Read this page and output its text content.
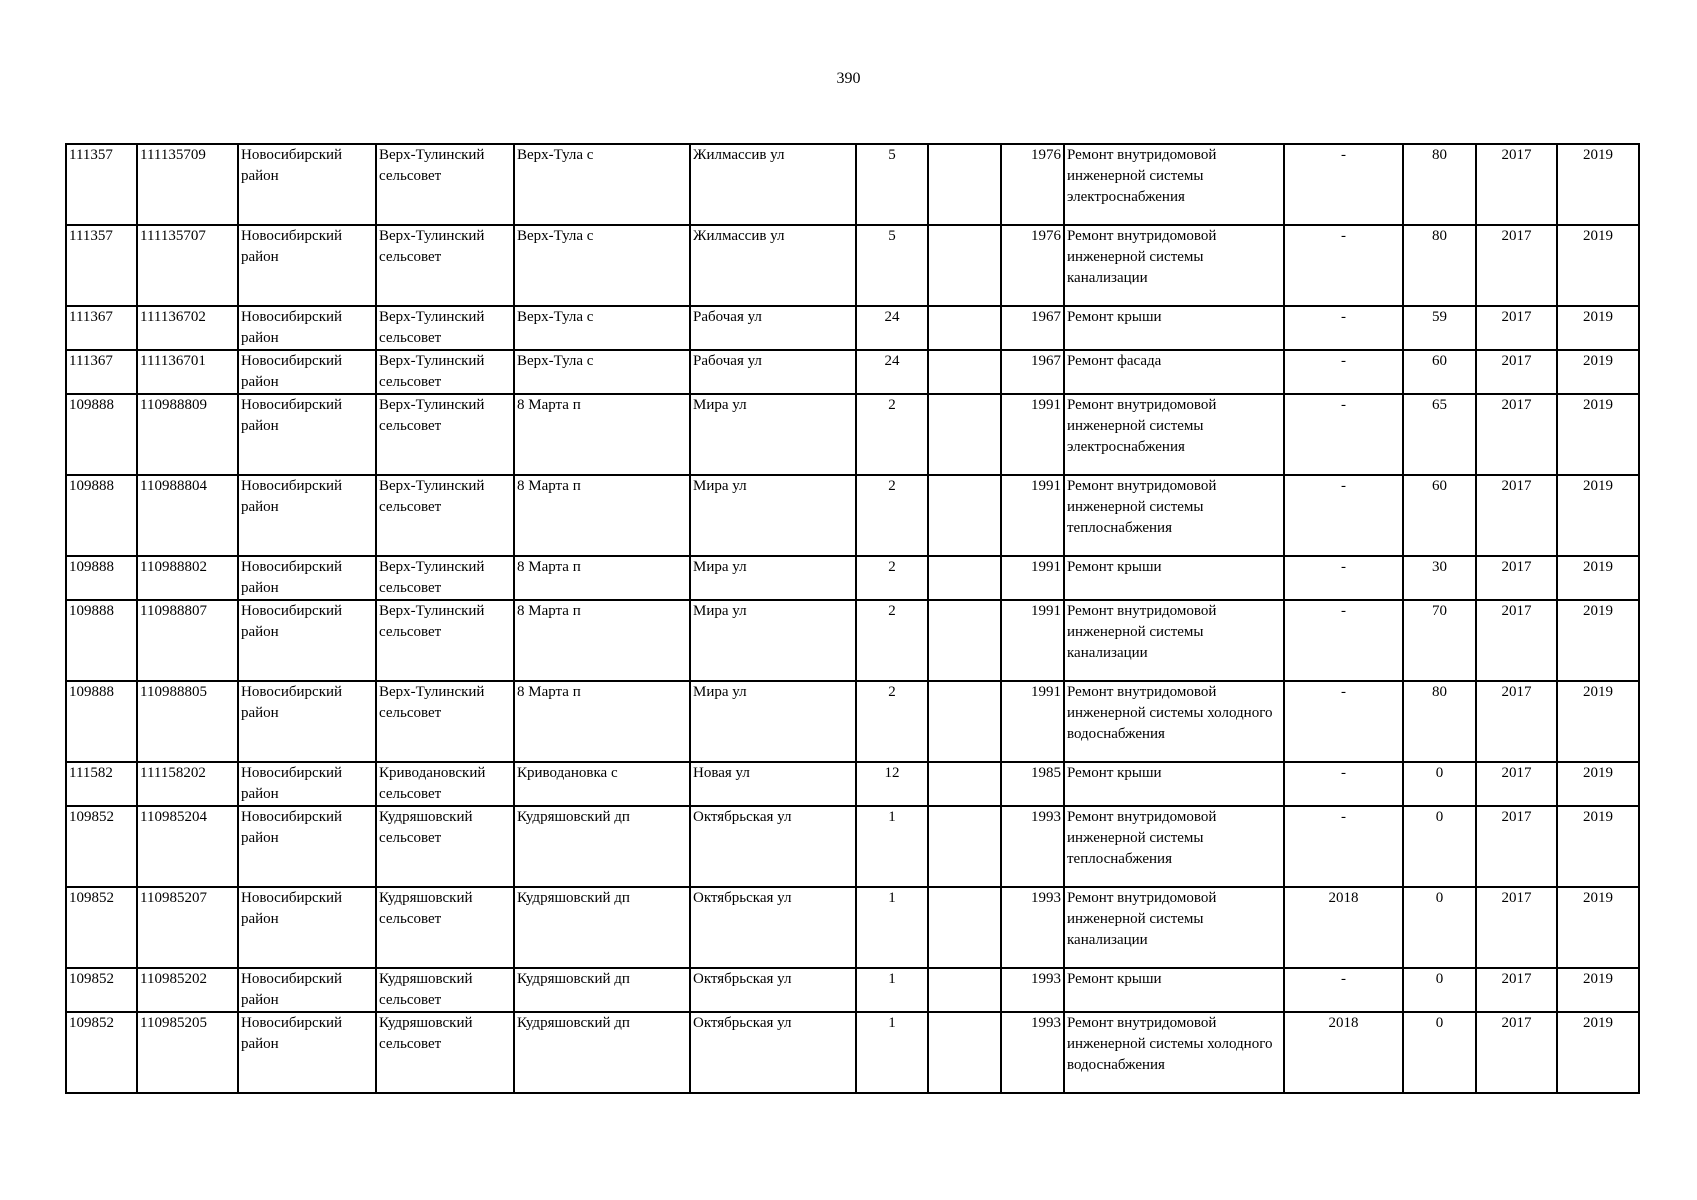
390
111357	111135709	Новосибирский район	Верх-Тулинский сельсовет	Верх-Тула с	Жилмассив ул	5		1976	Ремонт внутридомовой инженерной системы электроснабжения	-	80	2017	2019
111357	111135707	Новосибирский район	Верх-Тулинский сельсовет	Верх-Тула с	Жилмассив ул	5		1976	Ремонт внутридомовой инженерной системы канализации	-	80	2017	2019
111367	111136702	Новосибирский район	Верх-Тулинский сельсовет	Верх-Тула с	Рабочая ул	24		1967	Ремонт крыши	-	59	2017	2019
111367	111136701	Новосибирский район	Верх-Тулинский сельсовет	Верх-Тула с	Рабочая ул	24		1967	Ремонт фасада	-	60	2017	2019
109888	110988809	Новосибирский район	Верх-Тулинский сельсовет	8 Марта п	Мира ул	2		1991	Ремонт внутридомовой инженерной системы электроснабжения	-	65	2017	2019
109888	110988804	Новосибирский район	Верх-Тулинский сельсовет	8 Марта п	Мира ул	2		1991	Ремонт внутридомовой инженерной системы теплоснабжения	-	60	2017	2019
109888	110988802	Новосибирский район	Верх-Тулинский сельсовет	8 Марта п	Мира ул	2		1991	Ремонт крыши	-	30	2017	2019
109888	110988807	Новосибирский район	Верх-Тулинский сельсовет	8 Марта п	Мира ул	2		1991	Ремонт внутридомовой инженерной системы канализации	-	70	2017	2019
109888	110988805	Новосибирский район	Верх-Тулинский сельсовет	8 Марта п	Мира ул	2		1991	Ремонт внутридомовой инженерной системы холодного водоснабжения	-	80	2017	2019
111582	111158202	Новосибирский район	Криводановский сельсовет	Криводановка с	Новая ул	12		1985	Ремонт крыши	-	0	2017	2019
109852	110985204	Новосибирский район	Кудряшовский сельсовет	Кудряшовский дп	Октябрьская ул	1		1993	Ремонт внутридомовой инженерной системы теплоснабжения	-	0	2017	2019
109852	110985207	Новосибирский район	Кудряшовский сельсовет	Кудряшовский дп	Октябрьская ул	1		1993	Ремонт внутридомовой инженерной системы канализации	2018	0	2017	2019
109852	110985202	Новосибирский район	Кудряшовский сельсовет	Кудряшовский дп	Октябрьская ул	1		1993	Ремонт крыши	-	0	2017	2019
109852	110985205	Новосибирский район	Кудряшовский сельсовет	Кудряшовский дп	Октябрьская ул	1		1993	Ремонт внутридомовой инженерной системы холодного водоснабжения	2018	0	2017	2019
